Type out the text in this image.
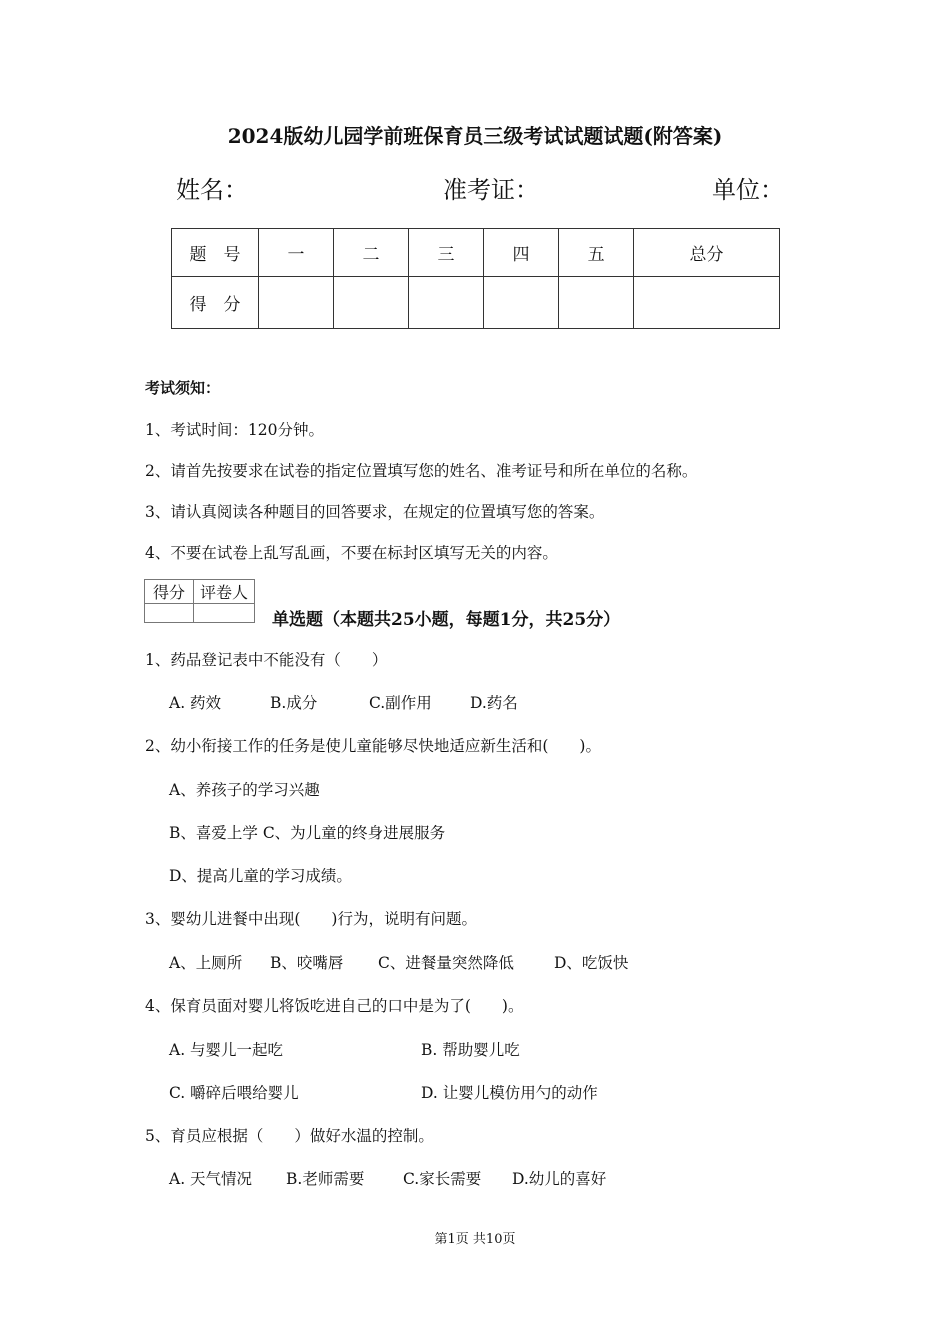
2024版幼儿园学前班保育员三级考试试题试题(附答案)
姓名：	准考证：	单位：
题　号	一	二	三	四	五	总分
得　分						
考试须知：
1、考试时间：120分钟。
2、请首先按要求在试卷的指定位置填写您的姓名、准考证号和所在单位的名称。
3、请认真阅读各种题目的回答要求，在规定的位置填写您的答案。
4、不要在试卷上乱写乱画，不要在标封区填写无关的内容。
得分	评卷人

单选题（本题共25小题，每题1分，共25分）
1、药品登记表中不能没有（　　）
A. 药效	B.成分	C.副作用 D.药名
2、幼小衔接工作的任务是使儿童能够尽快地适应新生活和(　　)。
A、养孩子的学习兴趣
B、喜爱上学 C、为儿童的终身进展服务
D、提高儿童的学习成绩。
3、婴幼儿进餐中出现(　　)行为，说明有问题。
A、上厕所 B、咬嘴唇 C、进餐量突然降低	D、吃饭快
4、保育员面对婴儿将饭吃进自己的口中是为了(　　)。
A. 与婴儿一起吃	B. 帮助婴儿吃
C. 嚼碎后喂给婴儿	D. 让婴儿模仿用勺的动作
5、育员应根据（　　）做好水温的控制。
A. 天气情况 B.老师需要 C.家长需要 D.幼儿的喜好
第1页 共10页
